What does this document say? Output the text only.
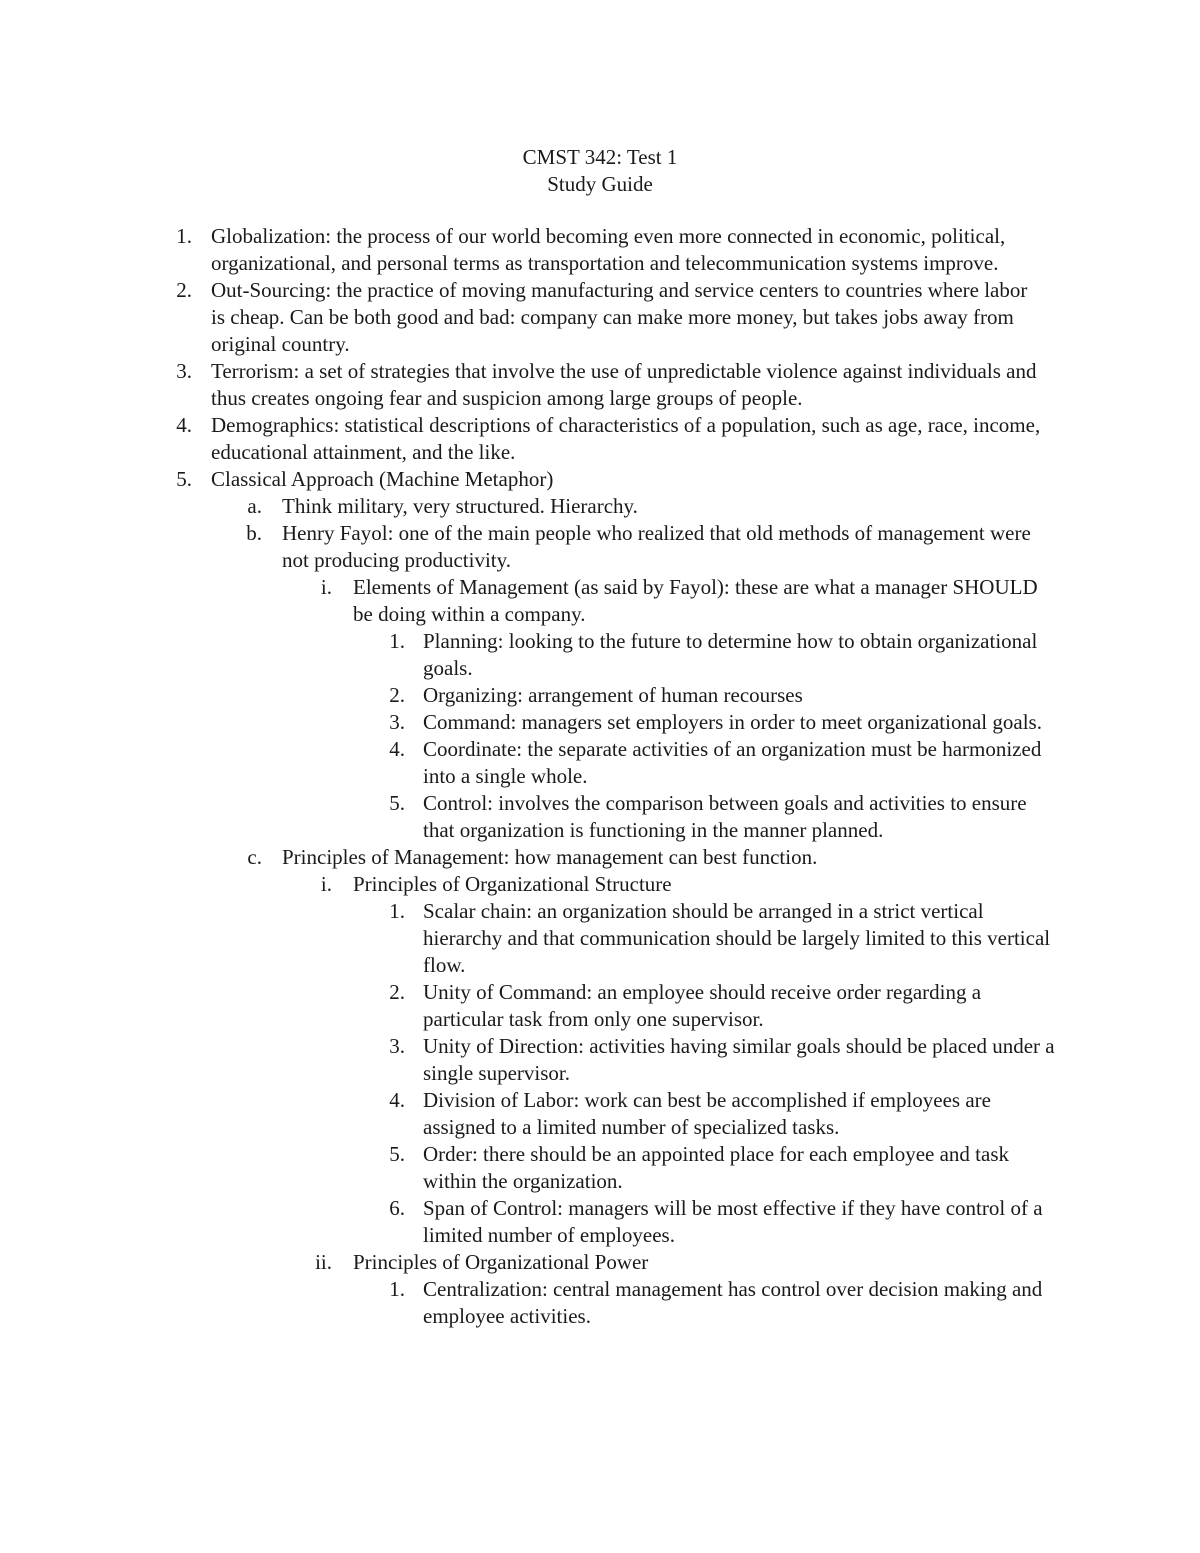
CMST 342: Test 1
Study Guide
1. Globalization: the process of our world becoming even more connected in economic, political, organizational, and personal terms as transportation and telecommunication systems improve.
2. Out-Sourcing: the practice of moving manufacturing and service centers to countries where labor is cheap. Can be both good and bad: company can make more money, but takes jobs away from original country.
3. Terrorism: a set of strategies that involve the use of unpredictable violence against individuals and thus creates ongoing fear and suspicion among large groups of people.
4. Demographics: statistical descriptions of characteristics of a population, such as age, race, income, educational attainment, and the like.
5. Classical Approach (Machine Metaphor)
a. Think military, very structured. Hierarchy.
b. Henry Fayol: one of the main people who realized that old methods of management were not producing productivity.
i. Elements of Management (as said by Fayol): these are what a manager SHOULD be doing within a company.
1. Planning: looking to the future to determine how to obtain organizational goals.
2. Organizing: arrangement of human recourses
3. Command: managers set employers in order to meet organizational goals.
4. Coordinate: the separate activities of an organization must be harmonized into a single whole.
5. Control: involves the comparison between goals and activities to ensure that organization is functioning in the manner planned.
c. Principles of Management: how management can best function.
i. Principles of Organizational Structure
1. Scalar chain: an organization should be arranged in a strict vertical hierarchy and that communication should be largely limited to this vertical flow.
2. Unity of Command: an employee should receive order regarding a particular task from only one supervisor.
3. Unity of Direction: activities having similar goals should be placed under a single supervisor.
4. Division of Labor: work can best be accomplished if employees are assigned to a limited number of specialized tasks.
5. Order: there should be an appointed place for each employee and task within the organization.
6. Span of Control: managers will be most effective if they have control of a limited number of employees.
ii. Principles of Organizational Power
1. Centralization: central management has control over decision making and employee activities.
